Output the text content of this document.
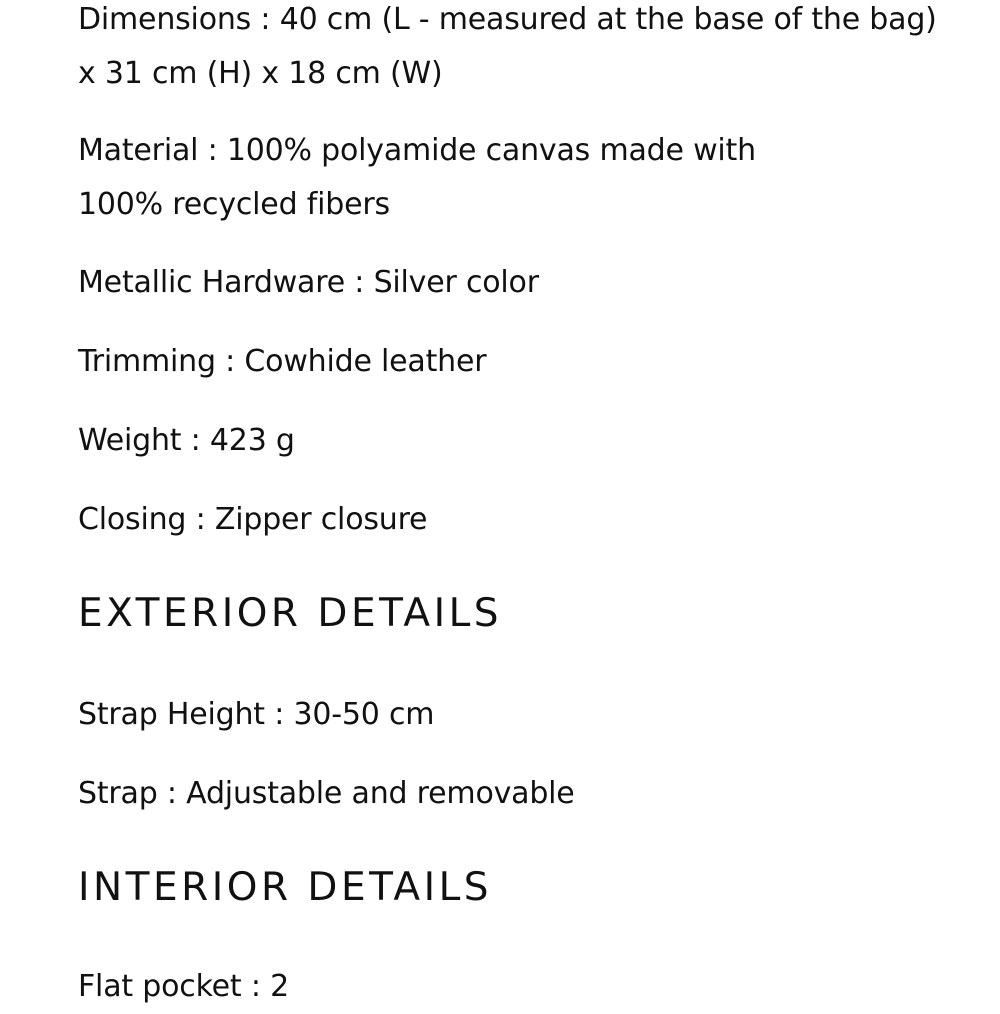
Dimensions : 40 cm (L - measured at the base of the bag) x 31 cm (H) x 18 cm (W)

Material : 100% polyamide canvas made with 100% recycled fibers

Metallic Hardware : Silver color

Trimming : Cowhide leather

Weight : 423 g

Closing : Zipper closure

EXTERIOR DETAILS

Strap Height : 30-50 cm

Strap : Adjustable and removable

INTERIOR DETAILS

Flat pocket : 2
